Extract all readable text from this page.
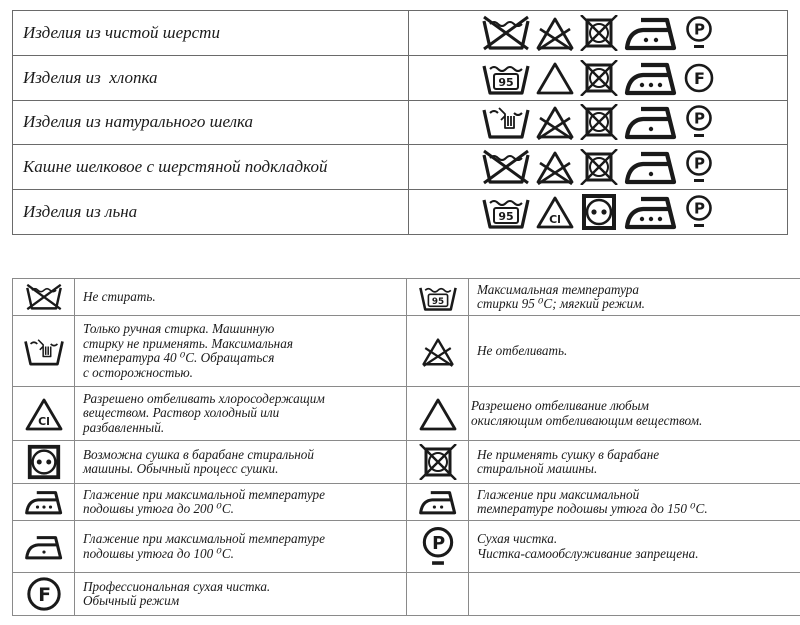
Изделия из чистой шерсти	

Изделия из  хлопка	

Изделия из натурального шелка	

Кашне шелковое с шерстяной подкладкой	

Изделия из льна	

Не стирать.		Максимальная температура
стирки 95 ⁰С; мягкий режим.

Только ручная стирка. Машинную
стирку не применять. Максимальная
температура 40 ⁰С. Обращаться
с осторожностью.		Не отбеливать.

Разрешено отбеливать хлоросодержащим
веществом. Раствор холодный или
разбавленный.		Разрешено отбеливание любым
окисляющим отбеливающим веществом.

Возможна сушка в барабане стиральной
машины. Обычный процесс сушки.		Не применять сушку в барабане
стиральной машины.

Глажение при максимальной температуре
подошвы утюга до 200 ⁰С.		Глажение при максимальной
температуре подошвы утюга до 150 ⁰С.

Глажение при максимальной температуре
подошвы утюга до 100 ⁰С.		Сухая чистка.
Чистка-самообслуживание запрещена.

Профессиональная сухая чистка.
Обычный режим		
